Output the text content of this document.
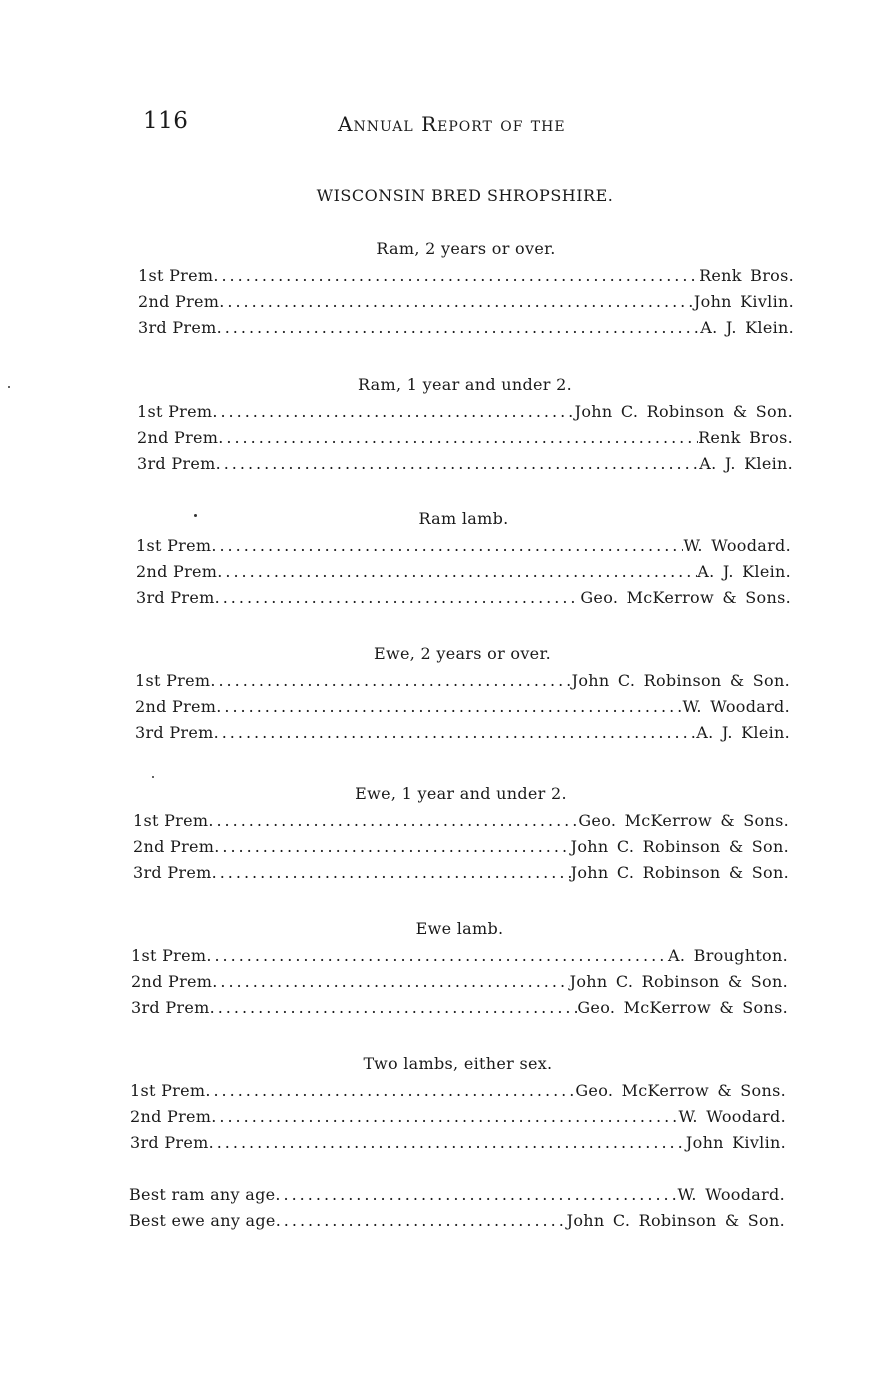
116	Annual Report of the
WISCONSIN BRED SHROPSHIRE.
Ram, 2 years or over.
1st Prem .....	Renk Bros.
2nd Prem .....	John Kivlin.
3rd Prem .....	A. J. Klein.
Ram, 1 year and under 2.
1st Prem .....	John C. Robinson & Son.
2nd Prem .....	Renk Bros.
3rd Prem .....	A. J. Klein.
Ram lamb.
1st Prem .....	W. Woodard.
2nd Prem .....	A. J. Klein.
3rd Prem .....	Geo. McKerrow & Sons.
Ewe, 2 years or over.
1st Prem .....	John C. Robinson & Son.
2nd Prem .....	W. Woodard.
3rd Prem .....	A. J. Klein.
Ewe, 1 year and under 2.
1st Prem .....	Geo. McKerrow & Sons.
2nd Prem .....	John C. Robinson & Son.
3rd Prem .....	John C. Robinson & Son.
Ewe lamb.
1st Prem .....	A. Broughton.
2nd Prem .....	John C. Robinson & Son.
3rd Prem .....	Geo. McKerrow & Sons.
Two lambs, either sex.
1st Prem .....	Geo. McKerrow & Sons.
2nd Prem .....	W. Woodard.
3rd Prem .....	John Kivlin.
Best ram any age .....	W. Woodard.
Best ewe any age .....	John C. Robinson & Son.
